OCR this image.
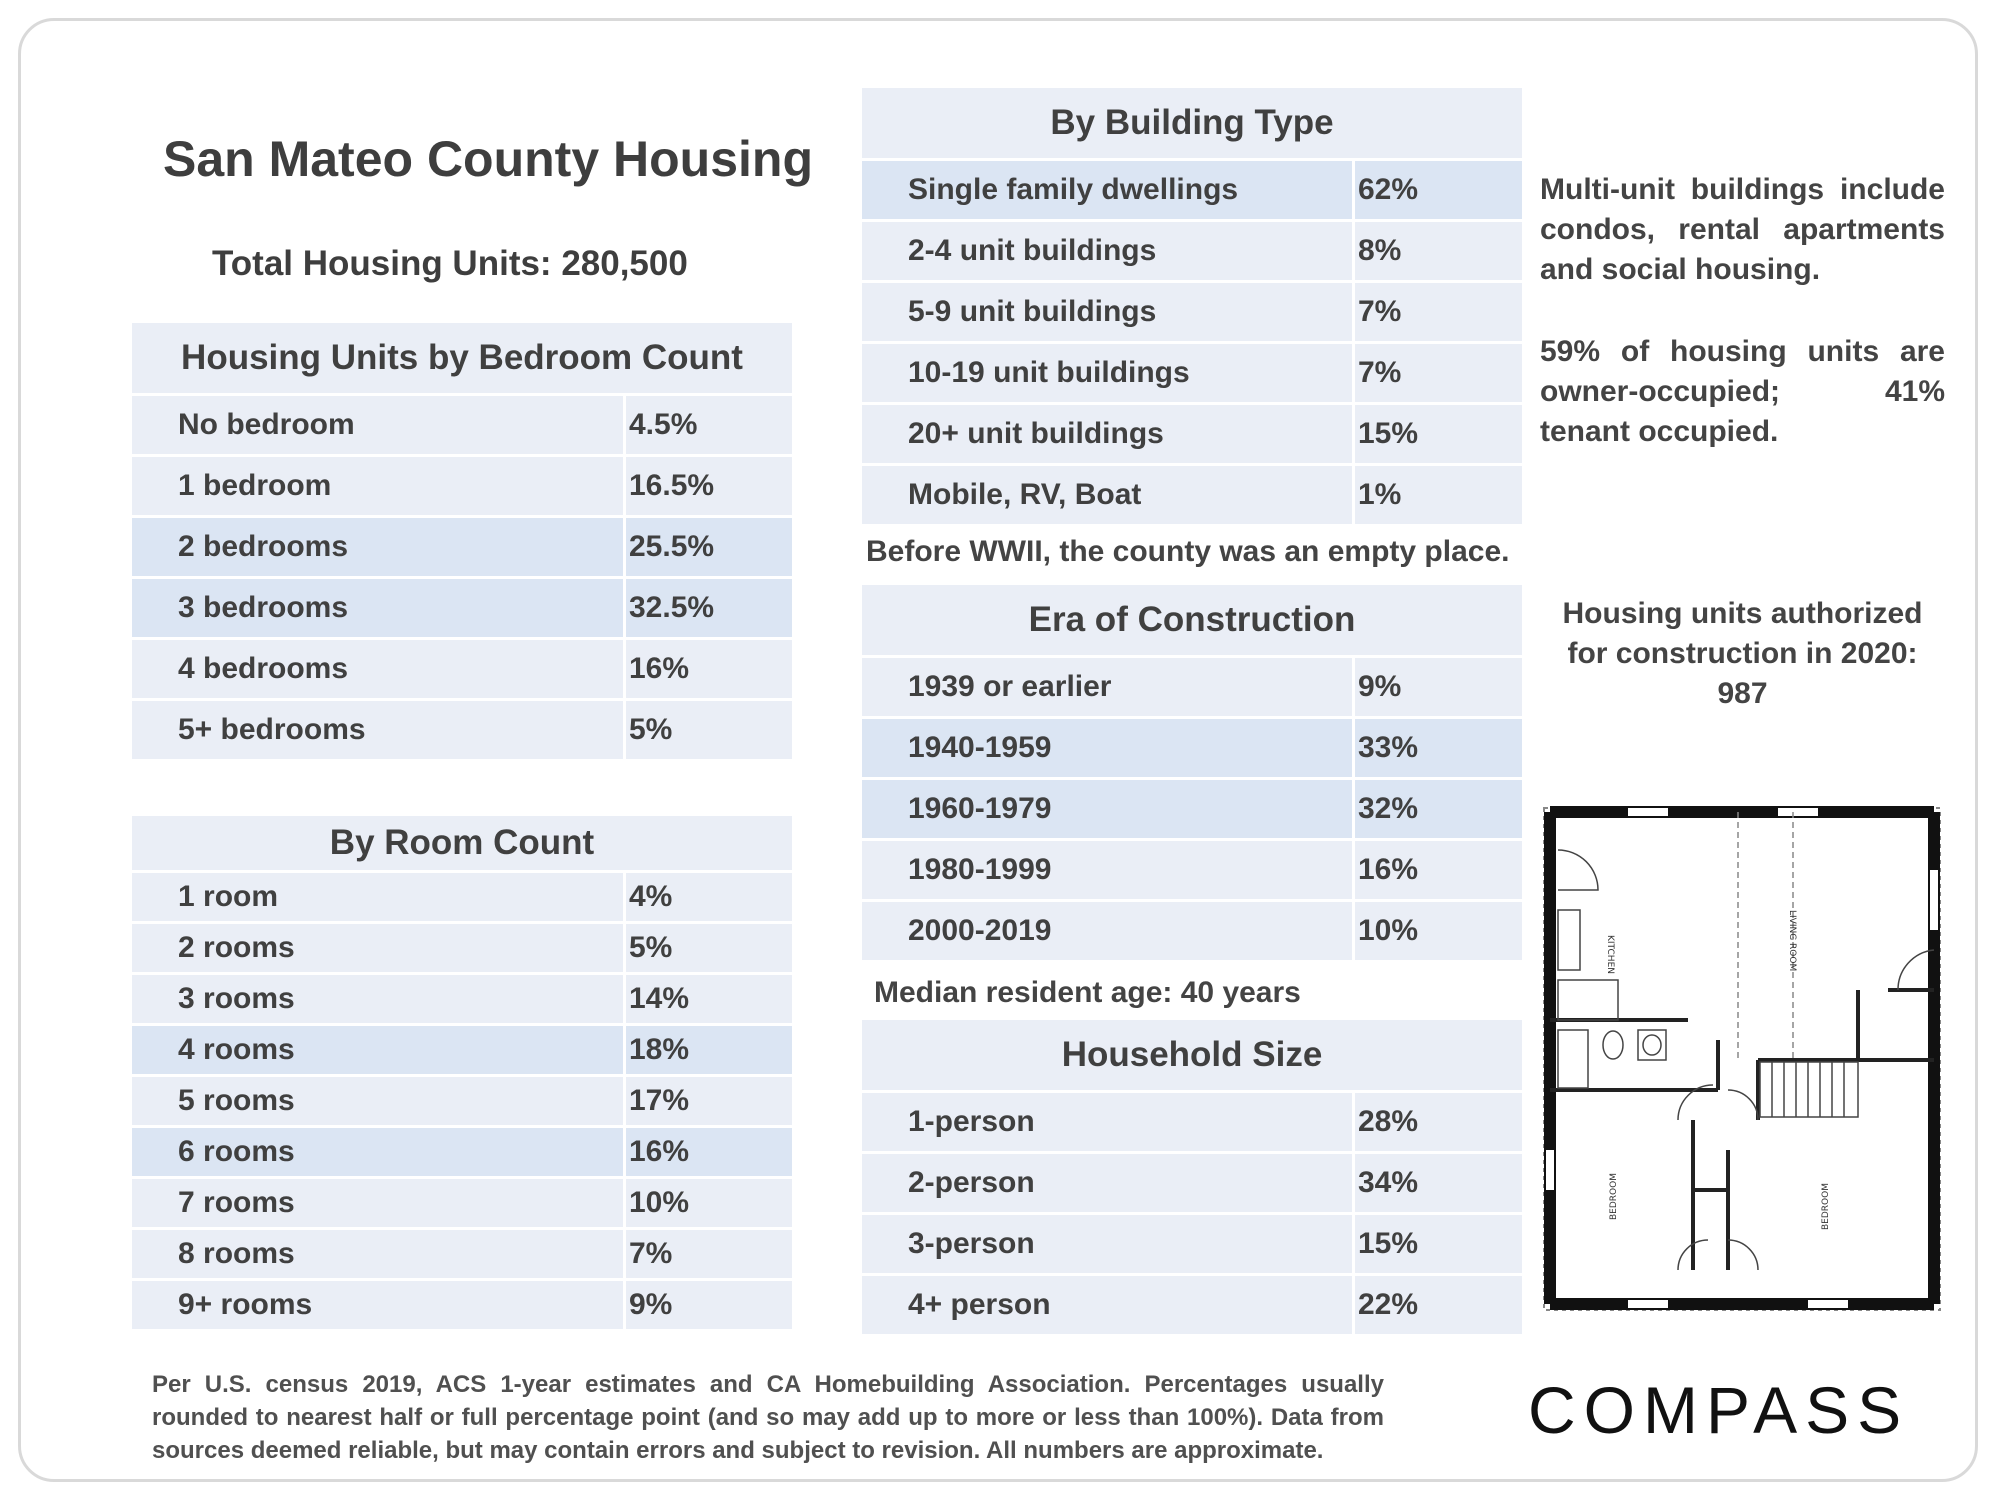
San Mateo County Housing
Total Housing Units: 280,500
Housing Units by Bedroom Count	
No bedroom	4.5%
1 bedroom	16.5%
2 bedrooms	25.5%
3 bedrooms	32.5%
4 bedrooms	16%
5+ bedrooms	5%
By Room Count	
1 room	4%
2 rooms	5%
3 rooms	14%
4 rooms	18%
5 rooms	17%
6 rooms	16%
7 rooms	10%
8 rooms	7%
9+ rooms	9%
By Building Type	
Single family dwellings	62%
2-4 unit buildings	8%
5-9 unit buildings	7%
10-19 unit buildings	7%
20+ unit buildings	15%
Mobile, RV, Boat	1%
Before WWII, the county was an empty place.
Era of Construction	
1939 or earlier	9%
1940-1959	33%
1960-1979	32%
1980-1999	16%
2000-2019	10%
Median resident age: 40 years
Household Size	
1-person	28%
2-person	34%
3-person	15%
4+ person	22%
Multi-unit buildings include condos, rental apartments and social housing.
59% of housing units are owner-occupied; 41% tenant occupied.
Housing units authorized
for construction in 2020:
987
KITCHEN	LIVING ROOM
BEDROOM	BEDROOM
Per U.S. census 2019, ACS 1-year estimates and CA Homebuilding Association. Percentages usually rounded to nearest half or full percentage point (and so may add up to more or less than 100%). Data from sources deemed reliable, but may contain errors and subject to revision. All numbers are approximate.
COMPASS
